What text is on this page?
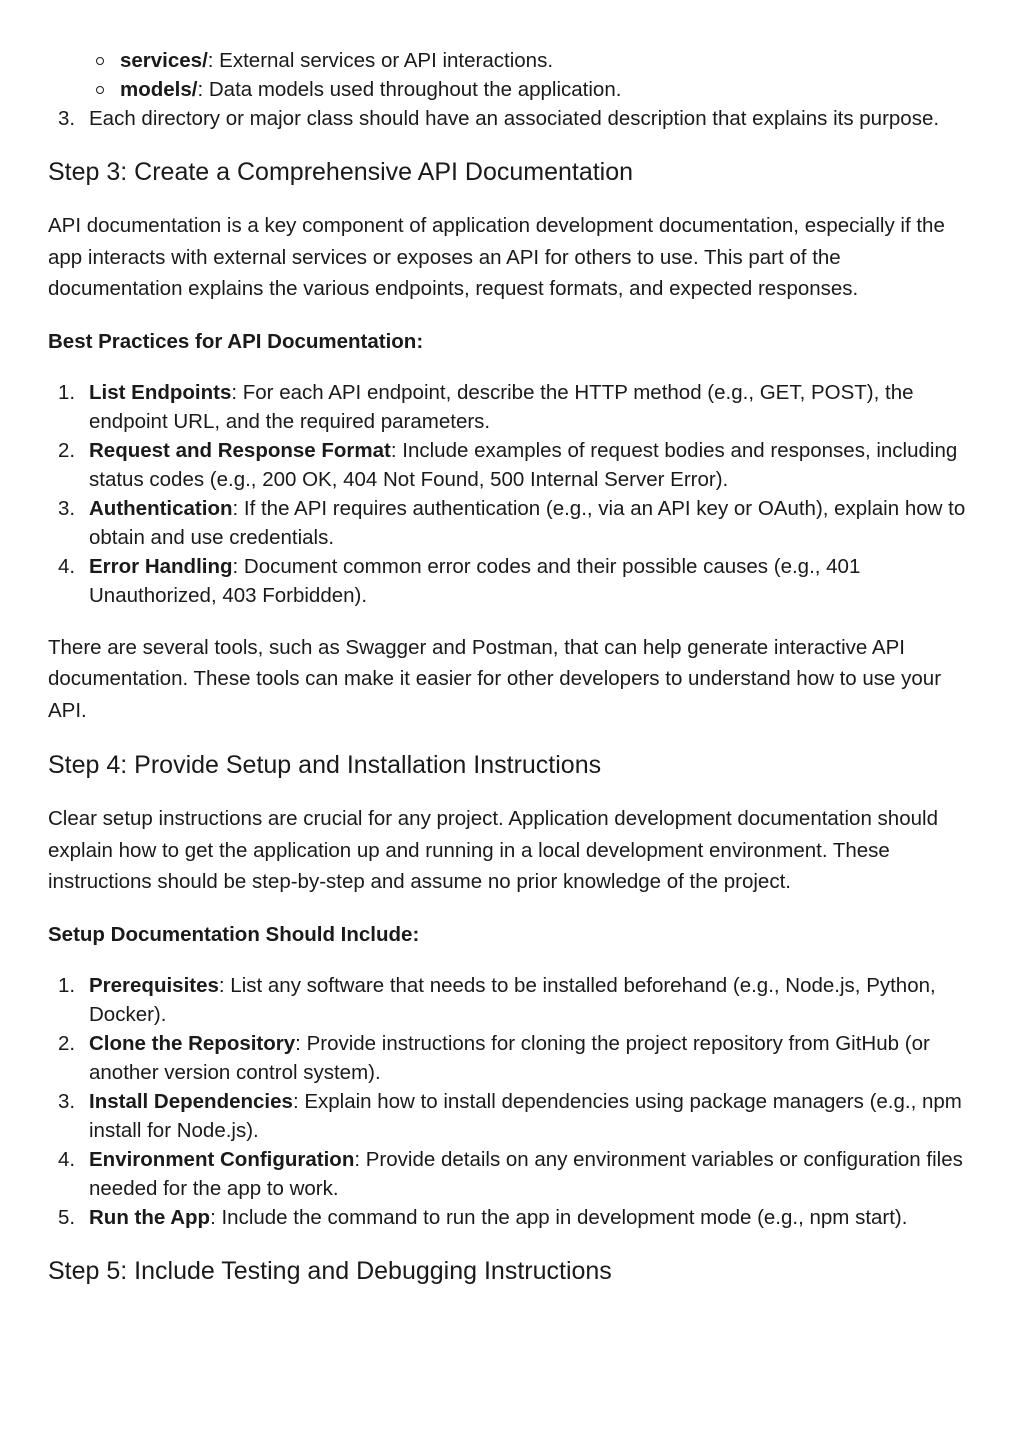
services/: External services or API interactions.
models/: Data models used throughout the application.
3. Each directory or major class should have an associated description that explains its purpose.
Step 3: Create a Comprehensive API Documentation

API documentation is a key component of application development documentation, especially if the app interacts with external services or exposes an API for others to use. This part of the documentation explains the various endpoints, request formats, and expected responses.

Best Practices for API Documentation:

1. List Endpoints: For each API endpoint, describe the HTTP method (e.g., GET, POST), the endpoint URL, and the required parameters.
2. Request and Response Format: Include examples of request bodies and responses, including status codes (e.g., 200 OK, 404 Not Found, 500 Internal Server Error).
3. Authentication: If the API requires authentication (e.g., via an API key or OAuth), explain how to obtain and use credentials.
4. Error Handling: Document common error codes and their possible causes (e.g., 401 Unauthorized, 403 Forbidden).

There are several tools, such as Swagger and Postman, that can help generate interactive API documentation. These tools can make it easier for other developers to understand how to use your API.

Step 4: Provide Setup and Installation Instructions

Clear setup instructions are crucial for any project. Application development documentation should explain how to get the application up and running in a local development environment. These instructions should be step-by-step and assume no prior knowledge of the project.

Setup Documentation Should Include:

1. Prerequisites: List any software that needs to be installed beforehand (e.g., Node.js, Python, Docker).
2. Clone the Repository: Provide instructions for cloning the project repository from GitHub (or another version control system).
3. Install Dependencies: Explain how to install dependencies using package managers (e.g., npm install for Node.js).
4. Environment Configuration: Provide details on any environment variables or configuration files needed for the app to work.
5. Run the App: Include the command to run the app in development mode (e.g., npm start).
Step 5: Include Testing and Debugging Instructions
